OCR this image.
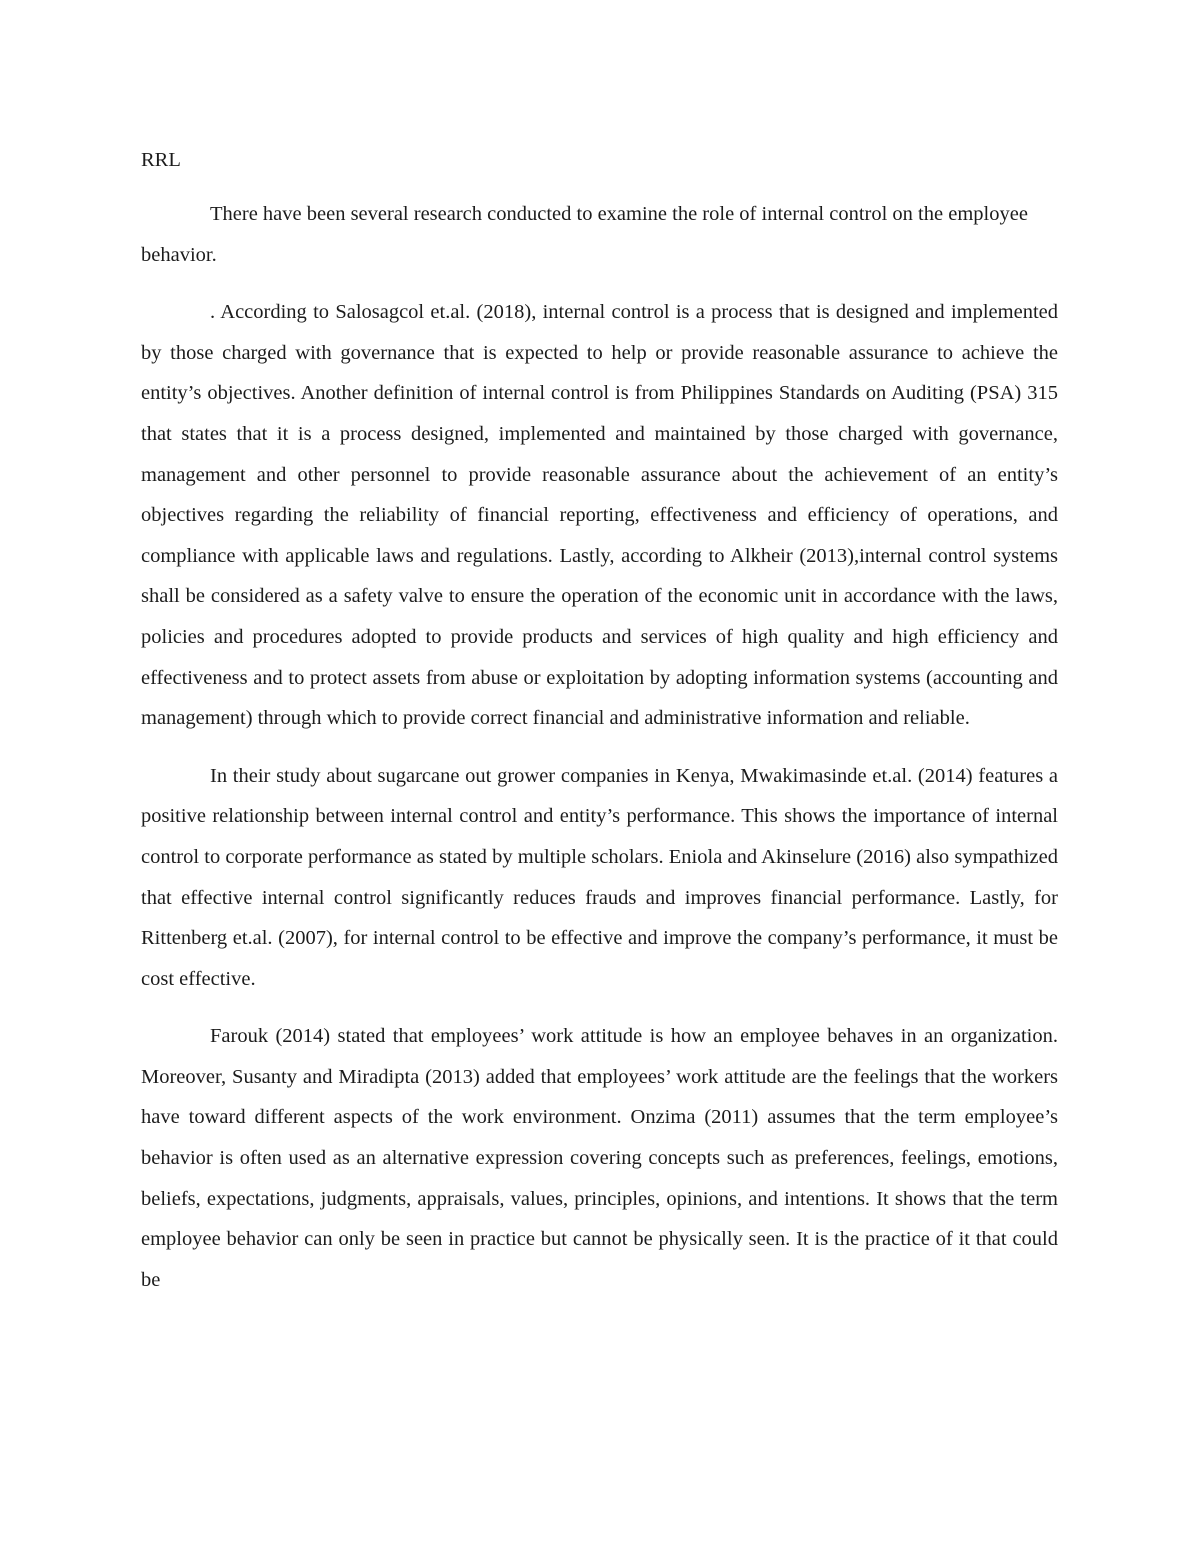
RRL

There have been several research conducted to examine the role of internal control on the employee behavior.

. According to Salosagcol et.al. (2018), internal control is a process that is designed and implemented by those charged with governance that is expected to help or provide reasonable assurance to achieve the entity’s objectives. Another definition of internal control is from Philippines Standards on Auditing (PSA) 315 that states that it is a process designed, implemented and maintained by those charged with governance, management and other personnel to provide reasonable assurance about the achievement of an entity’s objectives regarding the reliability of financial reporting, effectiveness and efficiency of operations, and compliance with applicable laws and regulations. Lastly, according to Alkheir (2013),internal control systems shall be considered as a safety valve to ensure the operation of the economic unit in accordance with the laws, policies and procedures adopted to provide products and services of high quality and high efficiency and effectiveness and to protect assets from abuse or exploitation by adopting information systems (accounting and management) through which to provide correct financial and administrative information and reliable.

In their study about sugarcane out grower companies in Kenya, Mwakimasinde et.al. (2014) features a positive relationship between internal control and entity’s performance. This shows the importance of internal control to corporate performance as stated by multiple scholars. Eniola and Akinselure (2016) also sympathized that effective internal control significantly reduces frauds and improves financial performance. Lastly, for Rittenberg et.al. (2007), for internal control to be effective and improve the company’s performance, it must be cost effective.

Farouk (2014) stated that employees’ work attitude is how an employee behaves in an organization. Moreover, Susanty and Miradipta (2013) added that employees’ work attitude are the feelings that the workers have toward different aspects of the work environment. Onzima (2011) assumes that the term employee’s behavior is often used as an alternative expression covering concepts such as preferences, feelings, emotions, beliefs, expectations, judgments, appraisals, values, principles, opinions, and intentions. It shows that the term employee behavior can only be seen in practice but cannot be physically seen. It is the practice of it that could be
